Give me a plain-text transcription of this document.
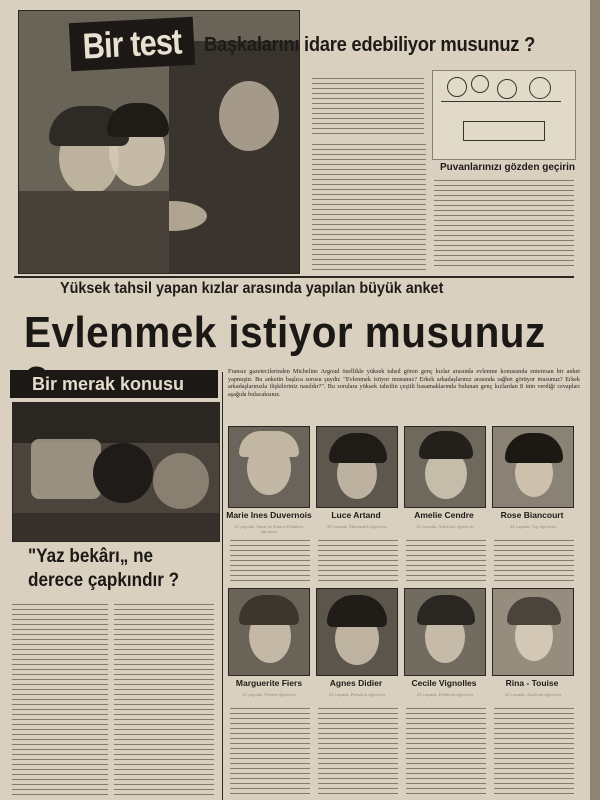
Bir test Başkalarını idare edebiliyor musunuz ?
Puvanlarınızı gözden geçirin
Yüksek tahsil yapan kızlar arasında yapılan büyük anket
Evlenmek istiyor musunuz
Bir merak konusu
"Yaz bekârı„ ne
derece çapkındır ?
Fransız gazetecilerinden Micheline Argoud özellikle yüksek tahsil gören genç kızlar arasında evlenme konusunda enteresan bir anket yapmıştır. Bu anketin başlıca sorusu şuydu: "Evlenmek istiyor musunuz? Erkek arkadaşlarınız arasında rağbet görüyor musunuz? Erkek arkadaşlarınızla ilişkileriniz nasıldır?". Bu sorulara yüksek tahsilin çeşitli basamaklarında bulunan genç kızlardan 8 inin verdiği cevapları aşağıda bulacaksınız.
Marie Ines Duvernois	Luce Artand	Amelie Cendre	Rose Biancourt
21 yaşında, Sanat ve Kimya Fakültesi öğrencisi
20 yaşında, Matematik öğrencisi	22 yaşında, Arkeoloji öğrencisi	24 yaşında, Tıp öğrencisi
Marguerite Fiers	Agnes Didier	Cecile Vignolles	Rina - Touise
22 yaşında, Felsefe öğrencisi	24 yaşında, Psikoloji öğrencisi	23 yaşında, Edebiyat öğrencisi	22 yaşında, Akademi öğrencisi
